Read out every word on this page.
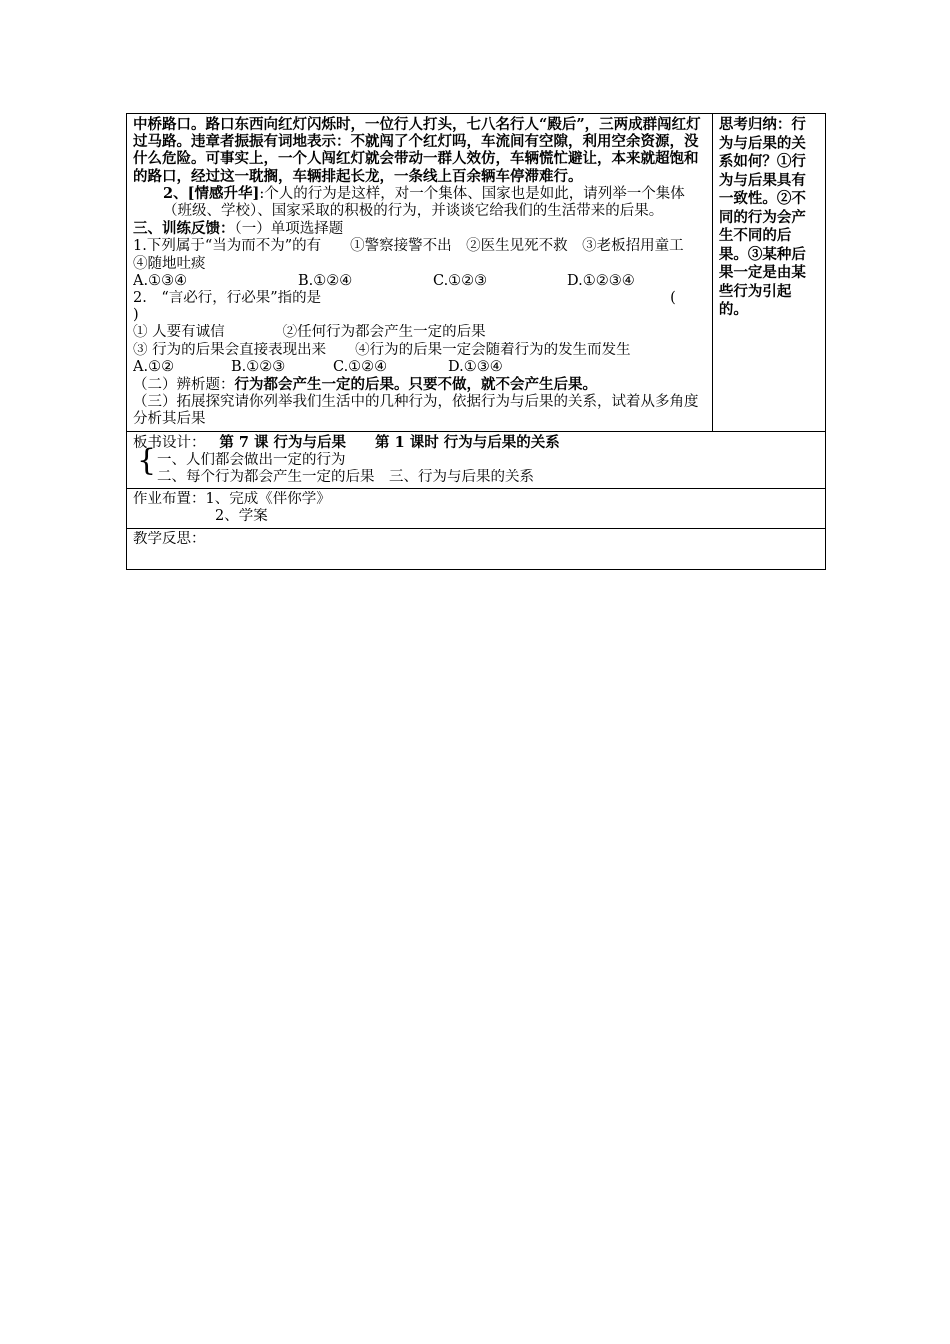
中桥路口。路口东西向红灯闪烁时，一位行人打头，七八名行人“殿后”，三两成群闯红灯过马路。违章者振振有词地表示：不就闯了个红灯吗，车流间有空隙，利用空余资源，没什么危险。可事实上，一个人闯红灯就会带动一群人效仿，车辆慌忙避让，本来就超饱和的路口，经过这一耽搁，车辆排起长龙，一条线上百余辆车停滞难行。
2、[情感升华]:个人的行为是这样，对一个集体、国家也是如此，请列举一个集体（班级、学校）、国家采取的积极的行为，并谈谈它给我们的生活带来的后果。
三、训练反馈：（一）单项选择题
1.下列属于“当为而不为”的有　　①警察接警不出　②医生见死不救　③老板招用童工　　④随地吐痰
A.①③④	B.①②④	C.①②③	D.①②③④
2.　“言必行，行必果”指的是	(
)
① 人要有诚信　　　　②任何行为都会产生一定的后果
③ 行为的后果会直接表现出来　　④行为的后果一定会随着行为的发生而发生
A.①②	B.①②③	C.①②④	D.①③④
（二）辨析题：行为都会产生一定的后果。只要不做，就不会产生后果。
（三）拓展探究请你列举我们生活中的几种行为，依据行为与后果的关系，试着从多角度分析其后果

思考归纳：行为与后果的关系如何？①行为与后果具有一致性。②不同的行为会产生不同的后果。③某种后果一定是由某些行为引起的。

{
板书设计： 第 7 课 行为与后果　　第 1 课时 行为与后果的关系
一、人们都会做出一定的行为
二、每个行为都会产生一定的后果　三、行为与后果的关系

作业布置：1、完成《伴你学》
2、学案

教学反思：
